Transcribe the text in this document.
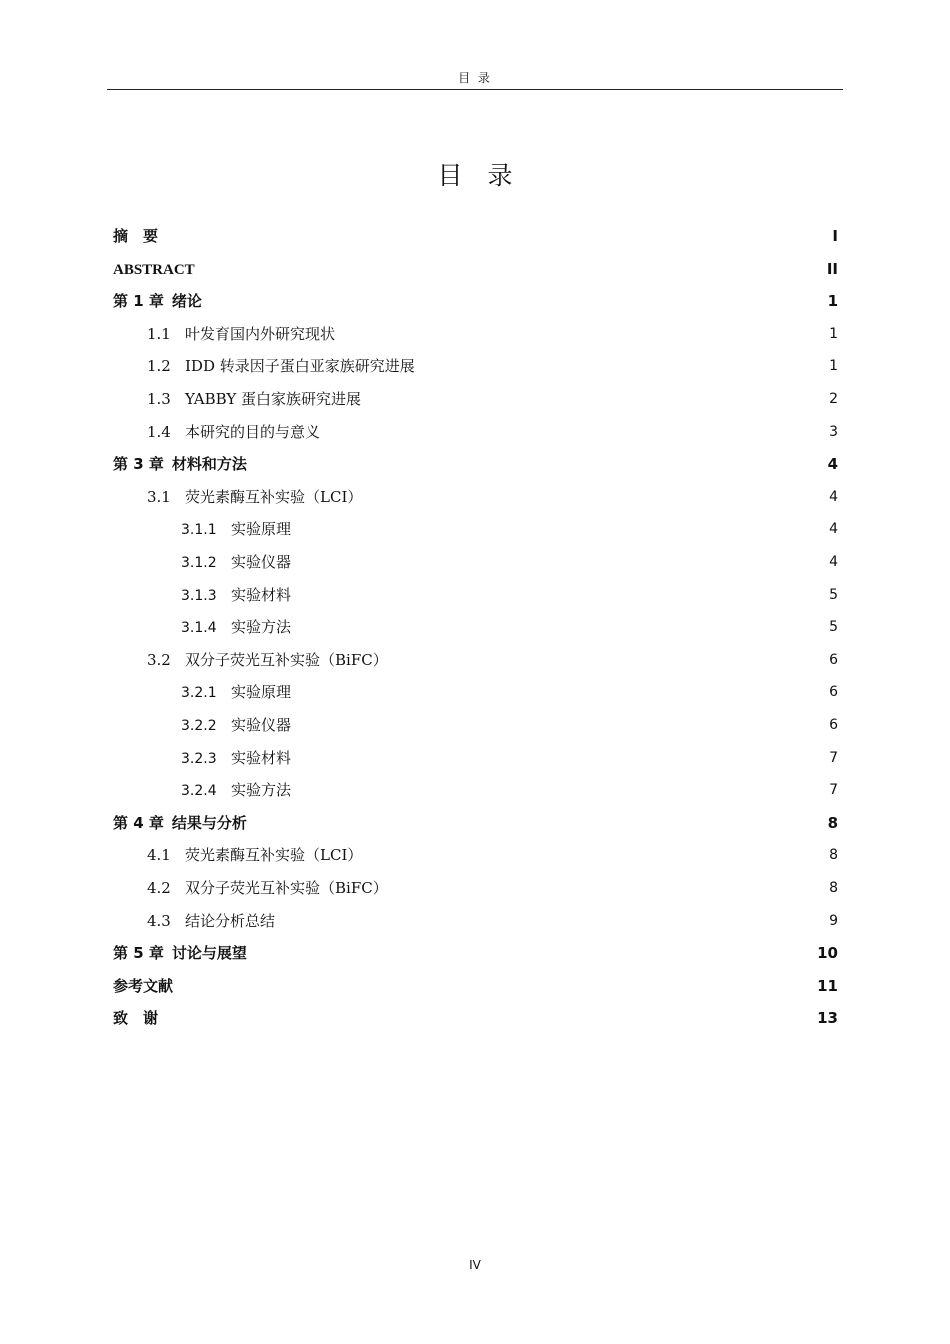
目 录
目　录
摘　要	I
ABSTRACT	II
第 1 章 绪论	1
1.1 叶发育国内外研究现状	1
1.2 IDD 转录因子蛋白亚家族研究进展	1
1.3 YABBY 蛋白家族研究进展	2
1.4 本研究的目的与意义	3
第 3 章 材料和方法	4
3.1 荧光素酶互补实验（LCI）	4
3.1.1 实验原理	4
3.1.2 实验仪器	4
3.1.3 实验材料	5
3.1.4 实验方法	5
3.2 双分子荧光互补实验（BiFC）	6
3.2.1 实验原理	6
3.2.2 实验仪器	6
3.2.3 实验材料	7
3.2.4 实验方法	7
第 4 章 结果与分析	8
4.1 荧光素酶互补实验（LCI）	8
4.2 双分子荧光互补实验（BiFC）	8
4.3 结论分析总结	9
第 5 章 讨论与展望	10
参考文献	11
致　谢	13
IV
